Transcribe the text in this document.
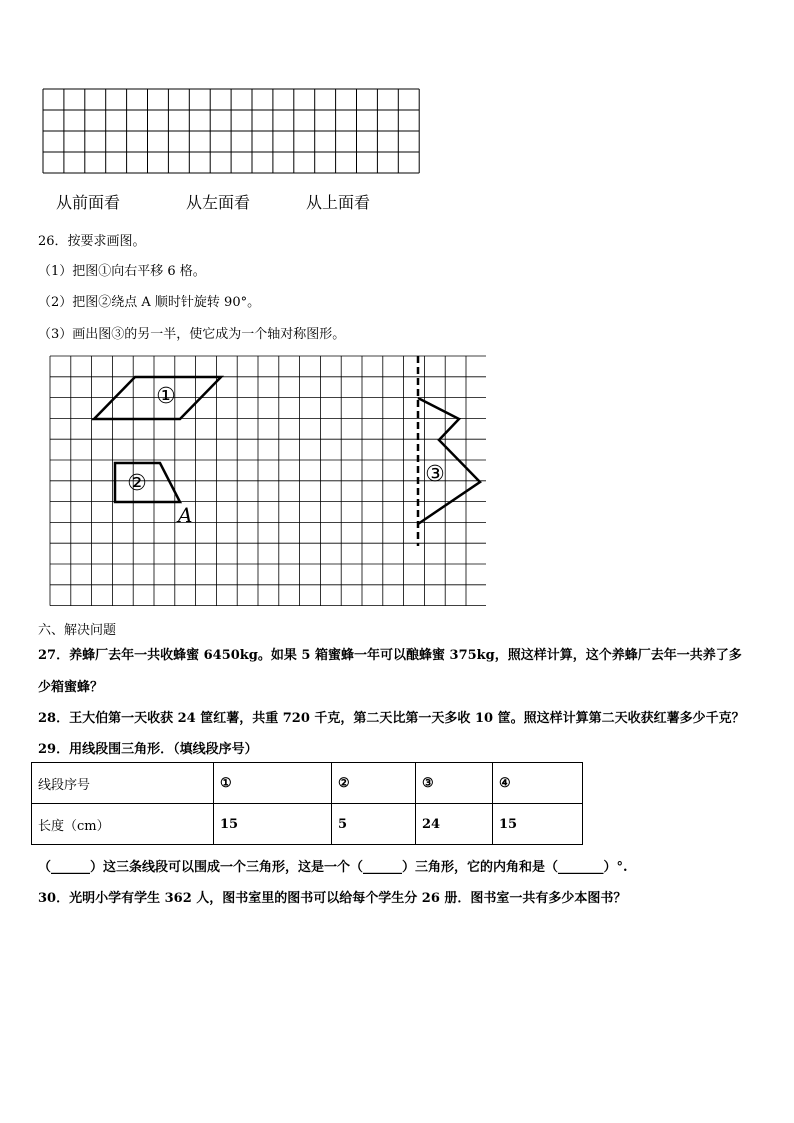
从前面看	从左面看	从上面看
26．按要求画图。
（1）把图①向右平移 6 格。
（2）把图②绕点 A 顺时针旋转 90°。
（3）画出图③的另一半，使它成为一个轴对称图形。
①
②
A
③
六、解决问题
27．养蜂厂去年一共收蜂蜜 6450kg。如果 5 箱蜜蜂一年可以酿蜂蜜 375kg，照这样计算，这个养蜂厂去年一共养了多
少箱蜜蜂？
28．王大伯第一天收获 24 筐红薯，共重 720 千克，第二天比第一天多收 10 筐。照这样计算第二天收获红薯多少千克？
29．用线段围三角形．（填线段序号）
线段序号	①	②	③	④
长度（cm）	15	5	24	15
（______）这三条线段可以围成一个三角形，这是一个（______）三角形，它的内角和是（_______）°.
30．光明小学有学生 362 人，图书室里的图书可以给每个学生分 26 册．图书室一共有多少本图书？
